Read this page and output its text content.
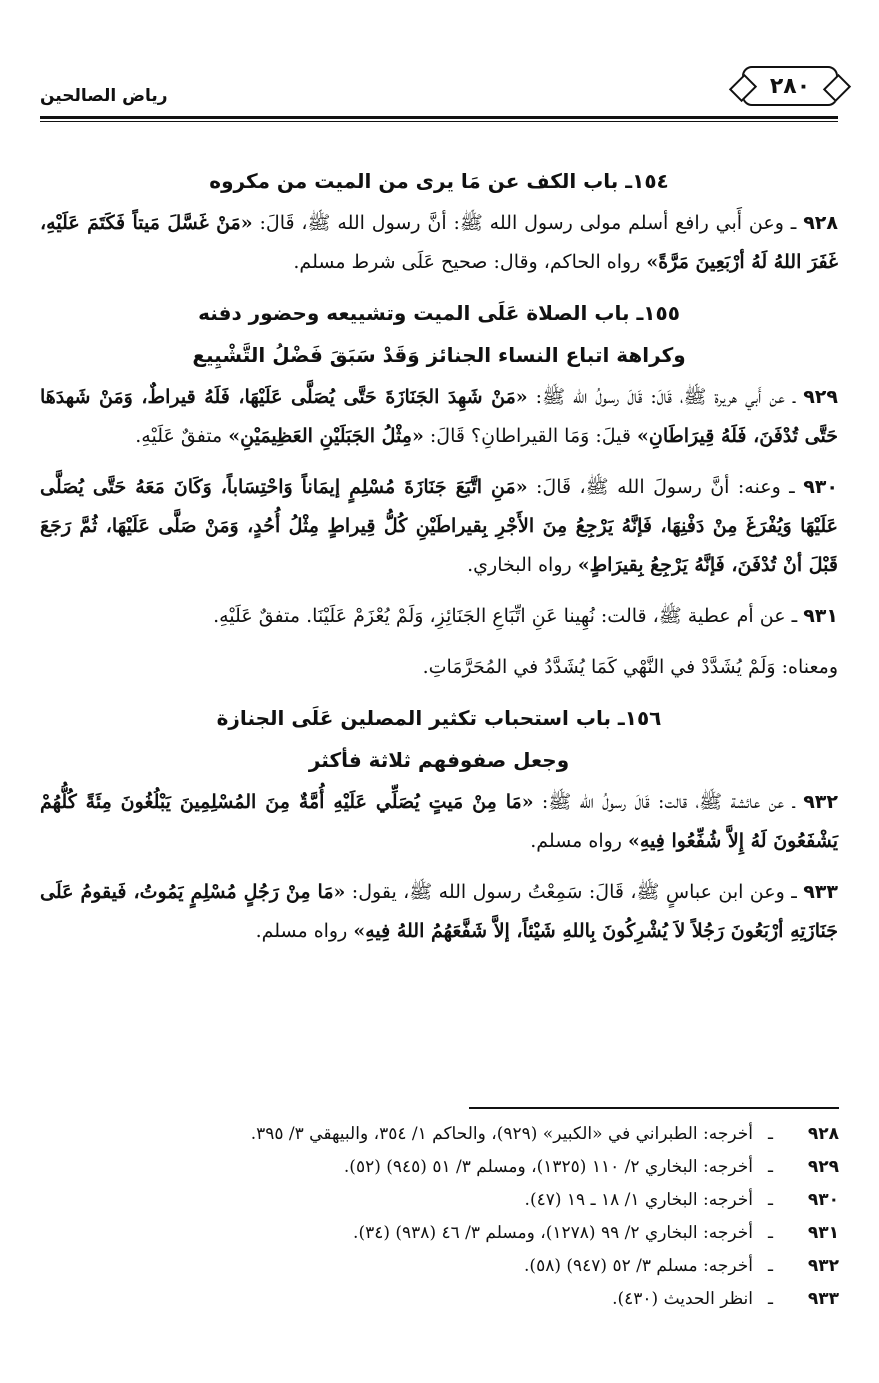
٢٨٠
رياض الصالحين
١٥٤ـ باب الكف عن مَا يرى من الميت من مكروه

٩٢٨ ـ وعن أَبي رافع أسلم مولى رسول الله ﷺ: أنَّ رسول الله ﷺ، قَالَ: «مَنْ غَسَّلَ مَيتاً فَكَتَمَ عَلَيْهِ، غَفَرَ اللهُ لَهُ أرْبَعِينَ مَرَّةً» رواه الحاكم، وقال: صحيح عَلَى شرط مسلم.

١٥٥ـ باب الصلاة عَلَى الميت وتشييعه وحضور دفنه
وكراهة اتباع النساء الجنائز وَقَدْ سَبَقَ فَضْلُ التَّشْيِيع

٩٢٩ ـ عن أَبي هريرة ﷺ، قَالَ: قَالَ رسولُ الله ﷺ: «مَنْ شَهِدَ الجَنَازَةَ حَتَّى يُصَلَّى عَلَيْهَا، فَلَهُ قيراطٌ، وَمَنْ شَهدَهَا حَتَّى تُدْفَنَ، فَلَهُ قِيرَاطَانِ» قيلَ: وَمَا القيراطانِ؟ قَالَ: «مِثْلُ الجَبَلَيْنِ العَظِيمَيْنِ» متفقٌ عَلَيْهِ.

٩٣٠ ـ وعنه: أنَّ رسولَ الله ﷺ، قَالَ: «مَنِ اتَّبَعَ جَنَازَةَ مُسْلِمٍ إيمَاناً وَاحْتِسَاباً، وَكَانَ مَعَهُ حَتَّى يُصَلَّى عَلَيْهَا وَيُفْرَغَ مِنْ دَفْنِهَا، فَإنَّهُ يَرْجِعُ مِنَ الأَجْرِ بِقيراطَيْنِ كُلُّ قِيراطٍ مِثْلُ أُحُدٍ، وَمَنْ صَلَّى عَلَيْهَا، ثُمَّ رَجَعَ قَبْلَ أنْ تُدْفَنَ، فَإنَّهُ يَرْجِعُ بِقيرَاطٍ» رواه البخاري.

٩٣١ ـ عن أم عطية ﷺ، قالت: نُهِينا عَنِ اتِّبَاعِ الجَنَائِزِ، وَلَمْ يُعْزَمْ عَلَيْنَا. متفقٌ عَلَيْهِ.

ومعناه: وَلَمْ يُشَدَّدْ في النَّهْي كَمَا يُشَدَّدُ في المُحَرَّمَاتِ.

١٥٦ـ باب استحباب تكثير المصلين عَلَى الجنازة
وجعل صفوفهم ثلاثة فأكثر

٩٣٢ ـ عن عائشة ﷺ، قالت: قَالَ رسولُ الله ﷺ: «مَا مِنْ مَيتٍ يُصَلِّي عَلَيْهِ أُمَّةٌ مِنَ المُسْلِمِينَ يَبْلُغُونَ مِئَةً كُلُّهُمْ يَشْفَعُونَ لَهُ إِلاَّ شُفِّعُوا فِيهِ» رواه مسلم.

٩٣٣ ـ وعن ابن عباسٍ ﷺ، قَالَ: سَمِعْتُ رسول الله ﷺ، يقول: «مَا مِنْ رَجُلٍ مُسْلِمٍ يَمُوتُ، فَيقومُ عَلَى جَنَازَتِهِ أرْبَعُونَ رَجُلاً لاَ يُشْرِكُونَ بِاللهِ شَيْئاً، إلاَّ شَفَّعَهُمُ اللهُ فِيهِ» رواه مسلم.

٩٢٨
ـ
أخرجه: الطبراني في «الكبير» (٩٢٩)، والحاكم ١/ ٣٥٤، والبيهقي ٣/ ٣٩٥.
٩٢٩
ـ
أخرجه: البخاري ٢/ ١١٠ (١٣٢٥)، ومسلم ٣/ ٥١ (٩٤٥) (٥٢).
٩٣٠
ـ
أخرجه: البخاري ١/ ١٨ ـ ١٩ (٤٧).
٩٣١
ـ
أخرجه: البخاري ٢/ ٩٩ (١٢٧٨)، ومسلم ٣/ ٤٦ (٩٣٨) (٣٤).
٩٣٢
ـ
أخرجه: مسلم ٣/ ٥٢ (٩٤٧) (٥٨).
٩٣٣
ـ
انظر الحديث (٤٣٠).
